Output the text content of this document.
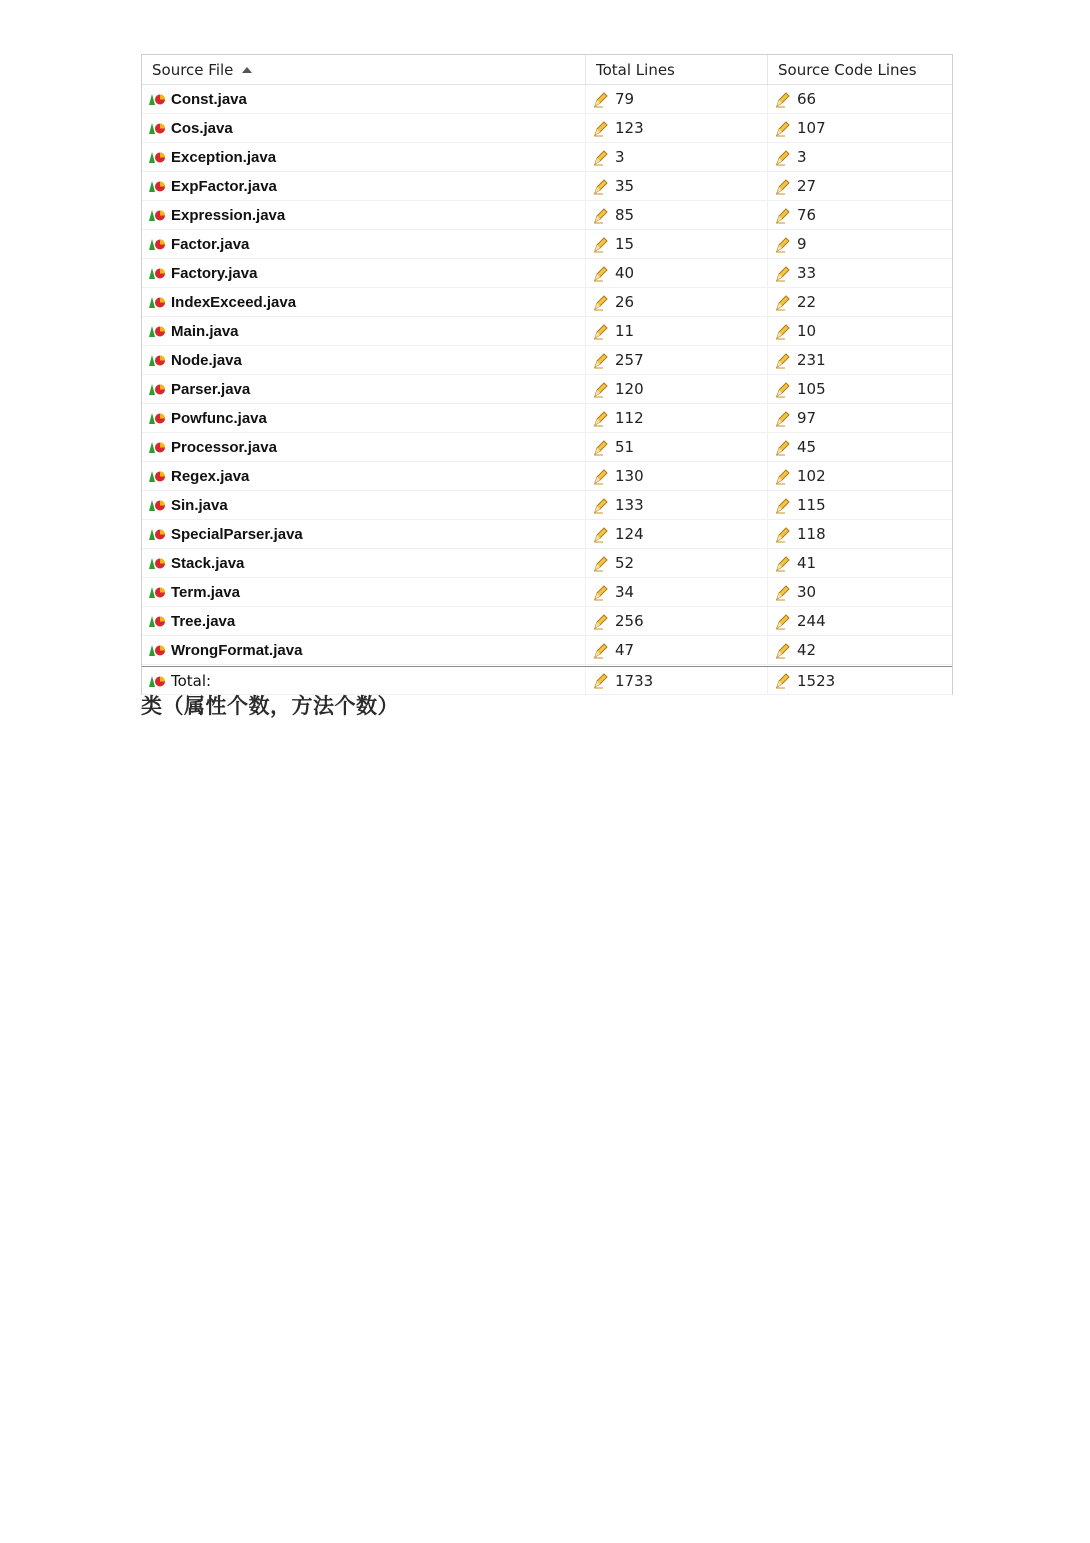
Source File	Total Lines	Source Code Lines
Const.java	79	66
Cos.java	123	107
Exception.java	3	3
ExpFactor.java	35	27
Expression.java	85	76
Factor.java	15	9
Factory.java	40	33
IndexExceed.java	26	22
Main.java	11	10
Node.java	257	231
Parser.java	120	105
Powfunc.java	112	97
Processor.java	51	45
Regex.java	130	102
Sin.java	133	115
SpecialParser.java	124	118
Stack.java	52	41
Term.java	34	30
Tree.java	256	244
WrongFormat.java	47	42
Total:	1733	1523
类（属性个数，方法个数）
